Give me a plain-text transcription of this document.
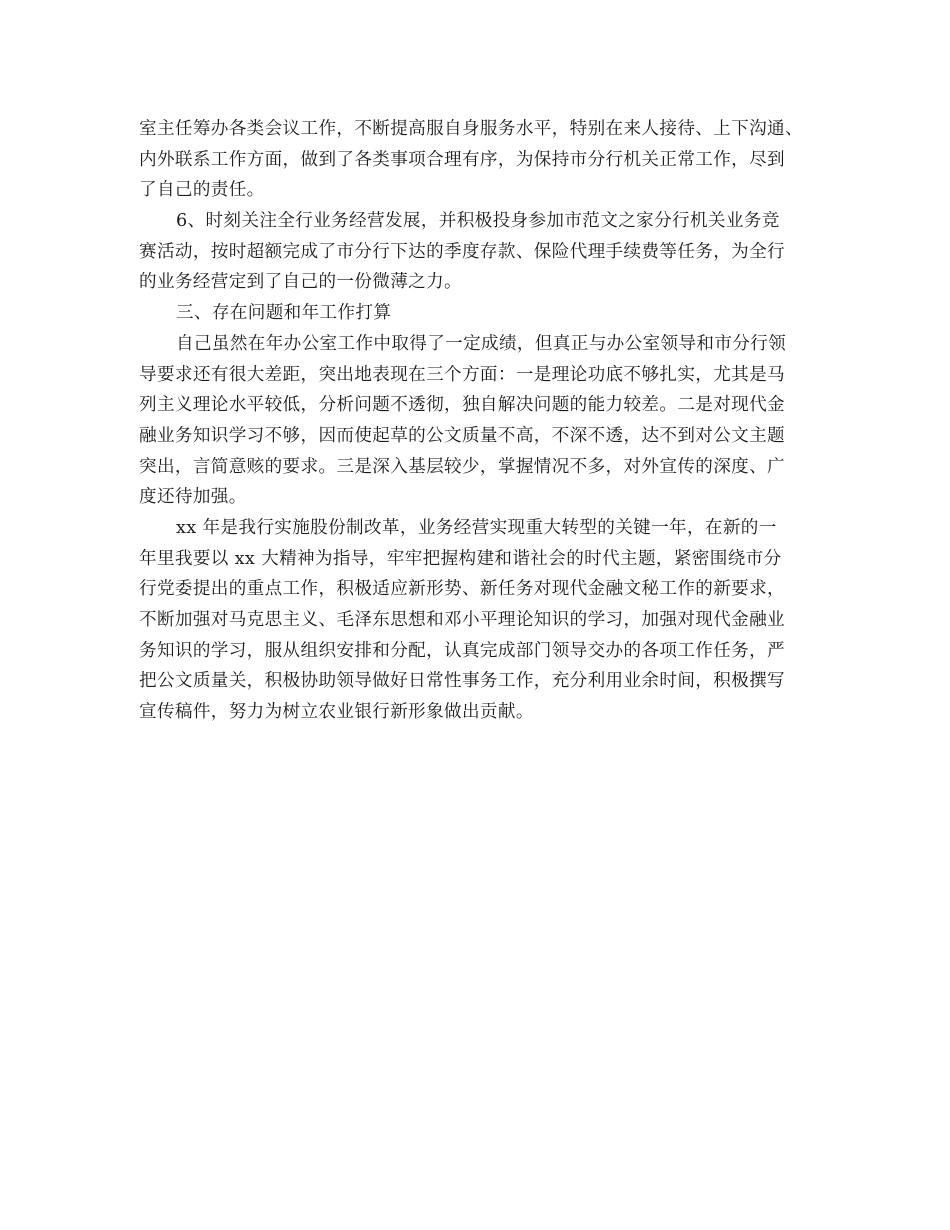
室主任筹办各类会议工作，不断提高服自身服务水平，特别在来人接待、上下沟通、
内外联系工作方面，做到了各类事项合理有序，为保持市分行机关正常工作，尽到
了自己的责任。
6、时刻关注全行业务经营发展，并积极投身参加市范文之家分行机关业务竞
赛活动，按时超额完成了市分行下达的季度存款、保险代理手续费等任务，为全行
的业务经营定到了自己的一份微薄之力。
三、存在问题和年工作打算
自己虽然在年办公室工作中取得了一定成绩，但真正与办公室领导和市分行领
导要求还有很大差距，突出地表现在三个方面：一是理论功底不够扎实，尤其是马
列主义理论水平较低，分析问题不透彻，独自解决问题的能力较差。二是对现代金
融业务知识学习不够，因而使起草的公文质量不高，不深不透，达不到对公文主题
突出，言简意赅的要求。三是深入基层较少，掌握情况不多，对外宣传的深度、广
度还待加强。
xx 年是我行实施股份制改革，业务经营实现重大转型的关键一年，在新的一
年里我要以 xx 大精神为指导，牢牢把握构建和谐社会的时代主题，紧密围绕市分
行党委提出的重点工作，积极适应新形势、新任务对现代金融文秘工作的新要求，
不断加强对马克思主义、毛泽东思想和邓小平理论知识的学习，加强对现代金融业
务知识的学习，服从组织安排和分配，认真完成部门领导交办的各项工作任务，严
把公文质量关，积极协助领导做好日常性事务工作，充分利用业余时间，积极撰写
宣传稿件，努力为树立农业银行新形象做出贡献。
